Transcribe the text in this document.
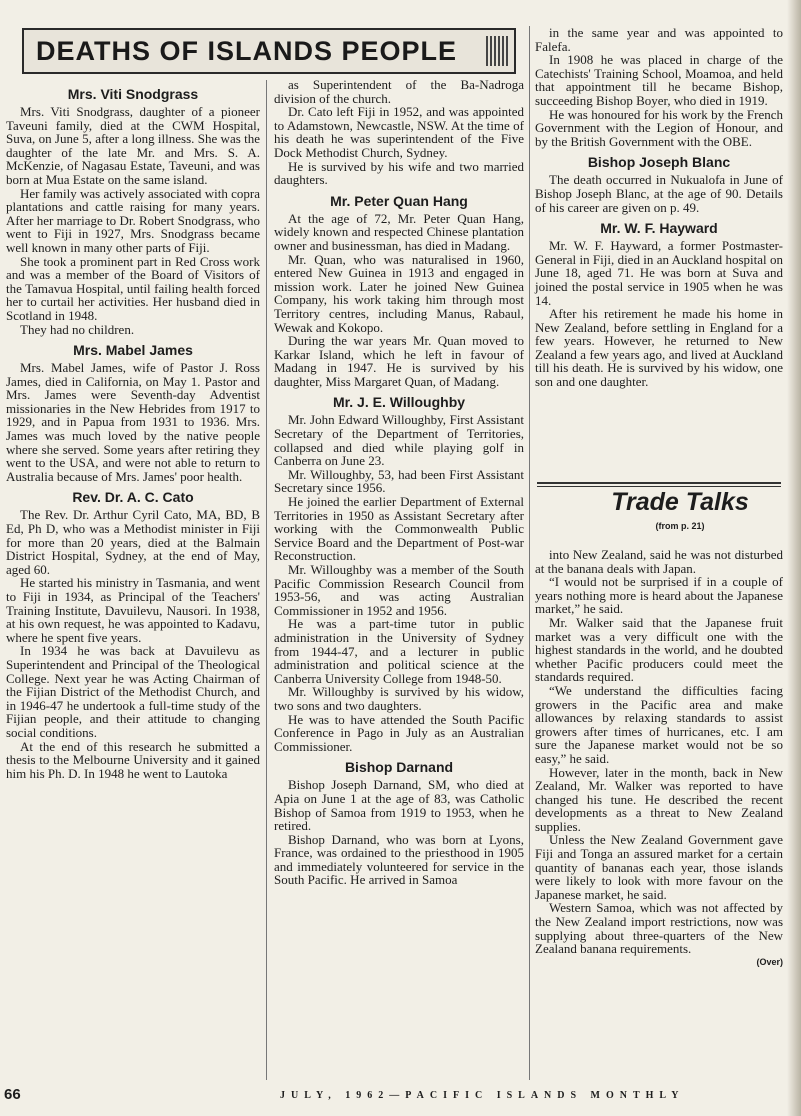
DEATHS OF ISLANDS PEOPLE
Mrs. Viti Snodgrass

Mrs. Viti Snodgrass, daughter of a pioneer Taveuni family, died at the CWM Hospital, Suva, on June 5, after a long illness. She was the daughter of the late Mr. and Mrs. S. A. McKenzie, of Nagasau Estate, Taveuni, and was born at Mua Estate on the same island.

Her family was actively associated with copra plantations and cattle raising for many years. After her marriage to Dr. Robert Snodgrass, who went to Fiji in 1927, Mrs. Snodgrass became well known in many other parts of Fiji.

She took a prominent part in Red Cross work and was a member of the Board of Visitors of the Tamavua Hospital, until failing health forced her to curtail her activities. Her husband died in Scotland in 1948.

They had no children.

Mrs. Mabel James

Mrs. Mabel James, wife of Pastor J. Ross James, died in California, on May 1. Pastor and Mrs. James were Seventh-day Adventist missionaries in the New Hebrides from 1917 to 1929, and in Papua from 1931 to 1936. Mrs. James was much loved by the native people where she served. Some years after retiring they went to the USA, and were not able to return to Australia because of Mrs. James' poor health.

Rev. Dr. A. C. Cato

The Rev. Dr. Arthur Cyril Cato, MA, BD, B Ed, Ph D, who was a Methodist minister in Fiji for more than 20 years, died at the Balmain District Hospital, Sydney, at the end of May, aged 60.

He started his ministry in Tasmania, and went to Fiji in 1934, as Principal of the Teachers' Training Institute, Davuilevu, Nausori. In 1938, at his own request, he was appointed to Kadavu, where he spent five years.

In 1934 he was back at Davuilevu as Superintendent and Principal of the Theological College. Next year he was Acting Chairman of the Fijian District of the Methodist Church, and in 1946-47 he undertook a full-time study of the Fijian people, and their attitude to changing social conditions.

At the end of this research he submitted a thesis to the Melbourne University and it gained him his Ph. D. In 1948 he went to Lautoka

as Superintendent of the Ba-Nadroga division of the church.

Dr. Cato left Fiji in 1952, and was appointed to Adamstown, Newcastle, NSW. At the time of his death he was superintendent of the Five Dock Methodist Church, Sydney.

He is survived by his wife and two married daughters.

Mr. Peter Quan Hang

At the age of 72, Mr. Peter Quan Hang, widely known and respected Chinese plantation owner and businessman, has died in Madang.

Mr. Quan, who was naturalised in 1960, entered New Guinea in 1913 and engaged in mission work. Later he joined New Guinea Company, his work taking him through most Territory centres, including Manus, Rabaul, Wewak and Kokopo.

During the war years Mr. Quan moved to Karkar Island, which he left in favour of Madang in 1947. He is survived by his daughter, Miss Margaret Quan, of Madang.

Mr. J. E. Willoughby

Mr. John Edward Willoughby, First Assistant Secretary of the Department of Territories, collapsed and died while playing golf in Canberra on June 23.

Mr. Willoughby, 53, had been First Assistant Secretary since 1956.

He joined the earlier Department of External Territories in 1950 as Assistant Secretary after working with the Commonwealth Public Service Board and the Department of Post-war Reconstruction.

Mr. Willoughby was a member of the South Pacific Commission Research Council from 1953-56, and was acting Australian Commissioner in 1952 and 1956.

He was a part-time tutor in public administration in the University of Sydney from 1944-47, and a lecturer in public administration and political science at the Canberra University College from 1948-50.

Mr. Willoughby is survived by his widow, two sons and two daughters.

He was to have attended the South Pacific Conference in Pago in July as an Australian Commissioner.

Bishop Darnand

Bishop Joseph Darnand, SM, who died at Apia on June 1 at the age of 83, was Catholic Bishop of Samoa from 1919 to 1953, when he retired.

Bishop Darnand, who was born at Lyons, France, was ordained to the priesthood in 1905 and immediately volunteered for service in the South Pacific. He arrived in Samoa

in the same year and was appointed to Falefa.

In 1908 he was placed in charge of the Catechists' Training School, Moamoa, and held that appointment till he became Bishop, succeeding Bishop Boyer, who died in 1919.

He was honoured for his work by the French Government with the Legion of Honour, and by the British Government with the OBE.

Bishop Joseph Blanc

The death occurred in Nukualofa in June of Bishop Joseph Blanc, at the age of 90. Details of his career are given on p. 49.

Mr. W. F. Hayward

Mr. W. F. Hayward, a former Postmaster-General in Fiji, died in an Auckland hospital on June 18, aged 71. He was born at Suva and joined the postal service in 1905 when he was 14.

After his retirement he made his home in New Zealand, before settling in England for a few years. However, he returned to New Zealand a few years ago, and lived at Auckland till his death. He is survived by his widow, one son and one daughter.

Trade Talks
(from p. 21)

into New Zealand, said he was not disturbed at the banana deals with Japan.

“I would not be surprised if in a couple of years nothing more is heard about the Japanese market,” he said.

Mr. Walker said that the Japanese fruit market was a very difficult one with the highest standards in the world, and he doubted whether Pacific producers could meet the standards required.

“We understand the difficulties facing growers in the Pacific area and make allowances by relaxing standards to assist growers after times of hurricanes, etc. I am sure the Japanese market would not be so easy,” he said.

However, later in the month, back in New Zealand, Mr. Walker was reported to have changed his tune. He described the recent developments as a threat to New Zealand supplies.

Unless the New Zealand Government gave Fiji and Tonga an assured market for a certain quantity of bananas each year, those islands were likely to look with more favour on the Japanese market, he said.

Western Samoa, which was not affected by the New Zealand import restrictions, now was supplying about three-quarters of the New Zealand banana requirements.

(Over)

66	JULY, 1962—PACIFIC ISLANDS MONTHLY
